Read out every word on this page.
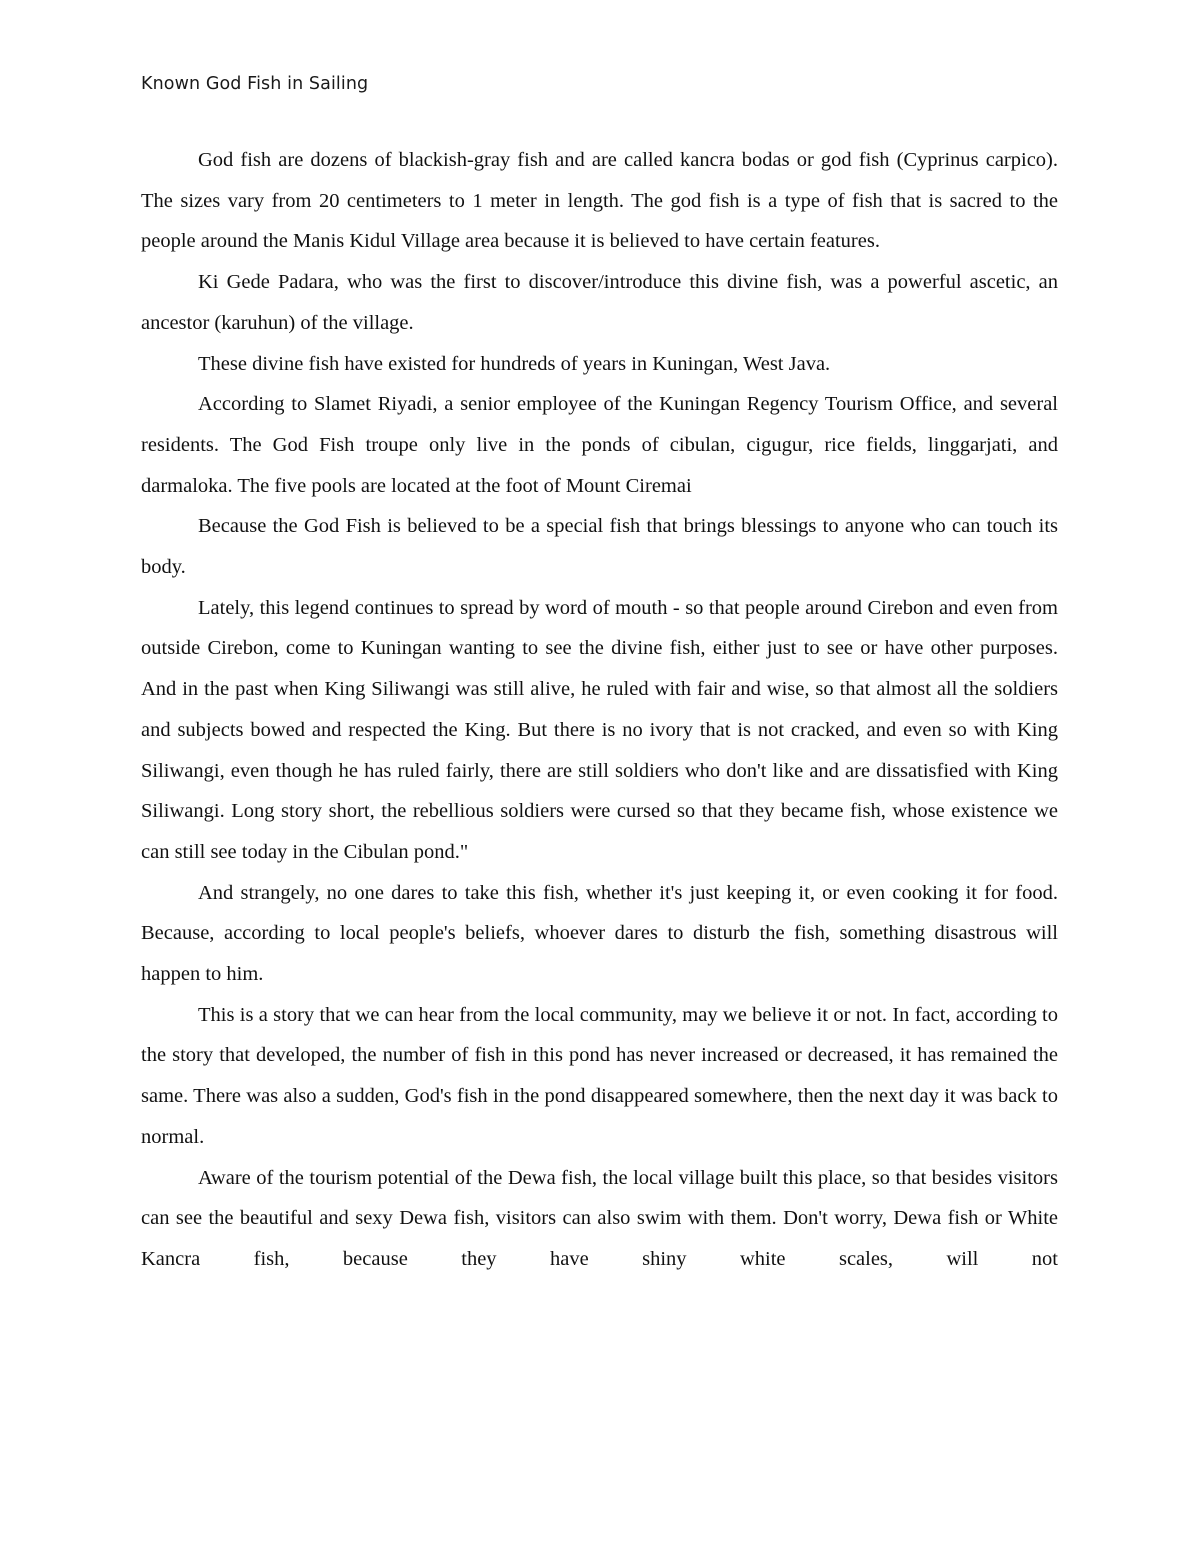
Known God Fish in Sailing

God fish are dozens of blackish-gray fish and are called kancra bodas or god fish (Cyprinus carpico). The sizes vary from 20 centimeters to 1 meter in length. The god fish is a type of fish that is sacred to the people around the Manis Kidul Village area because it is believed to have certain features.

Ki Gede Padara, who was the first to discover/introduce this divine fish, was a powerful ascetic, an ancestor (karuhun) of the village.

These divine fish have existed for hundreds of years in Kuningan, West Java.

According to Slamet Riyadi, a senior employee of the Kuningan Regency Tourism Office, and several residents. The God Fish troupe only live in the ponds of cibulan, cigugur, rice fields, linggarjati, and darmaloka. The five pools are located at the foot of Mount Ciremai

Because the God Fish is believed to be a special fish that brings blessings to anyone who can touch its body.

Lately, this legend continues to spread by word of mouth - so that people around Cirebon and even from outside Cirebon, come to Kuningan wanting to see the divine fish, either just to see or have other purposes. And in the past when King Siliwangi was still alive, he ruled with fair and wise, so that almost all the soldiers and subjects bowed and respected the King. But there is no ivory that is not cracked, and even so with King Siliwangi, even though he has ruled fairly, there are still soldiers who don't like and are dissatisfied with King Siliwangi. Long story short, the rebellious soldiers were cursed so that they became fish, whose existence we can still see today in the Cibulan pond."

And strangely, no one dares to take this fish, whether it's just keeping it, or even cooking it for food. Because, according to local people's beliefs, whoever dares to disturb the fish, something disastrous will happen to him.

This is a story that we can hear from the local community, may we believe it or not. In fact, according to the story that developed, the number of fish in this pond has never increased or decreased, it has remained the same. There was also a sudden, God's fish in the pond disappeared somewhere, then the next day it was back to normal.

Aware of the tourism potential of the Dewa fish, the local village built this place, so that besides visitors can see the beautiful and sexy Dewa fish, visitors can also swim with them. Don't worry, Dewa fish or White Kancra fish, because they have shiny white scales, will not
